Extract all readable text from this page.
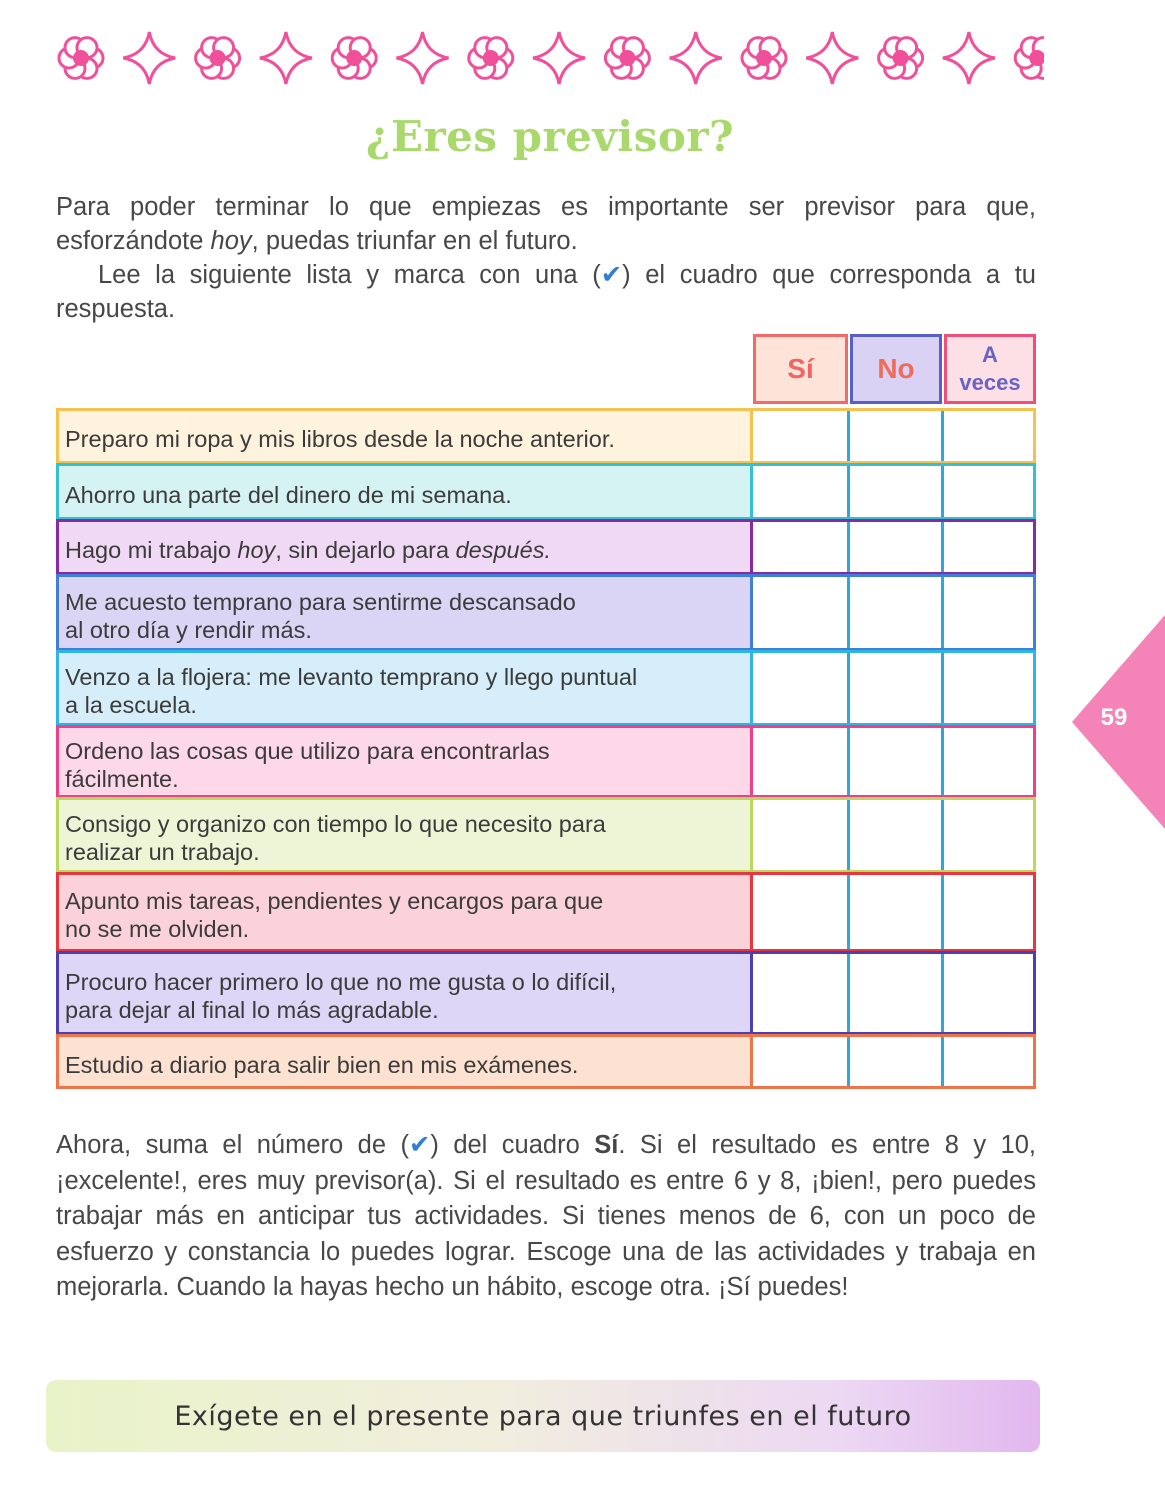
¿Eres previsor?

Para poder terminar lo que empiezas es importante ser previsor para que, esforzándote hoy, puedas triunfar en el futuro.

Lee la siguiente lista y marca con una (✔) el cuadro que corresponda a tu respuesta.

Sí	No	A
veces
Preparo mi ropa y mis libros desde la noche anterior.
Ahorro una parte del dinero de mi semana.
Hago mi trabajo hoy, sin dejarlo para después.
Me acuesto temprano para sentirme descansado
al otro día y rendir más.
Venzo a la flojera: me levanto temprano y llego puntual
a la escuela.
Ordeno las cosas que utilizo para encontrarlas
fácilmente.
Consigo y organizo con tiempo lo que necesito para
realizar un trabajo.
Apunto mis tareas, pendientes y encargos para que
no se me olviden.
Procuro hacer primero lo que no me gusta o lo difícil,
para dejar al final lo más agradable.
Estudio a diario para salir bien en mis exámenes.

Ahora, suma el número de (✔) del cuadro Sí. Si el resultado es entre 8 y 10, ¡excelente!, eres muy previsor(a). Si el resultado es entre 6 y 8, ¡bien!, pero puedes trabajar más en anticipar tus actividades. Si tienes menos de 6, con un poco de esfuerzo y constancia lo puedes lograr. Escoge una de las actividades y trabaja en mejorarla. Cuando la hayas hecho un hábito, escoge otra. ¡Sí puedes!

Exígete en el presente para que triunfes en el futuro
59
